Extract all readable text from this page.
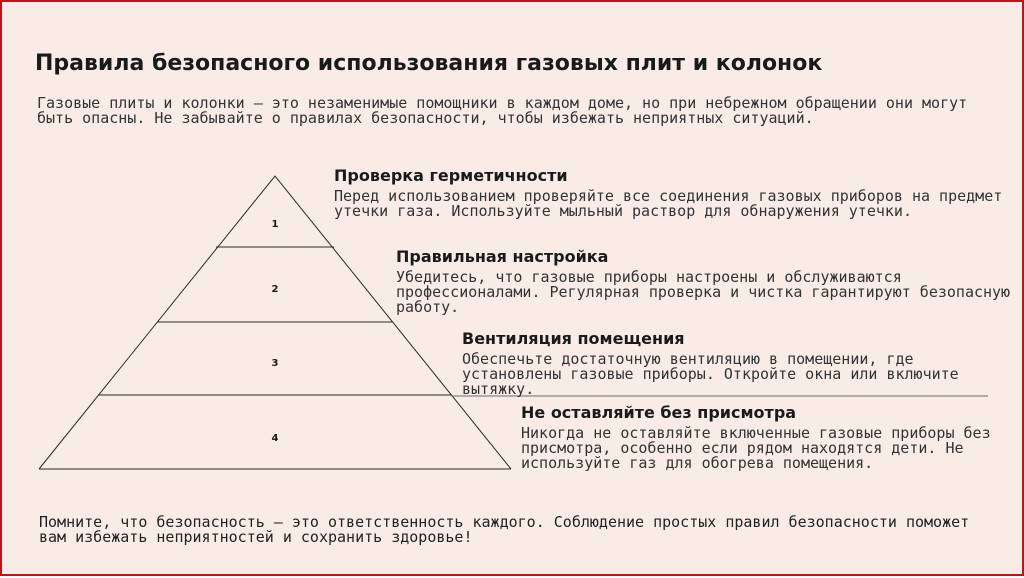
Правила безопасного использования газовых плит и колонок

Газовые плиты и колонки – это незаменимые помощники в каждом доме, но при небрежном обращении они могут быть опасны. Не забывайте о правилах безопасности, чтобы избежать неприятных ситуаций.

1
2
3
4
Проверка герметичности

Перед использованием проверяйте все соединения газовых приборов на предмет утечки газа. Используйте мыльный раствор для обнаружения утечки.

Правильная настройка

Убедитесь, что газовые приборы настроены и обслуживаются профессионалами. Регулярная проверка и чистка гарантируют безопасную работу.

Вентиляция помещения

Обеспечьте достаточную вентиляцию в помещении, где установлены газовые приборы. Откройте окна или включите вытяжку.

Не оставляйте без присмотра

Никогда не оставляйте включенные газовые приборы без присмотра, особенно если рядом находятся дети. Не используйте газ для обогрева помещения.

Помните, что безопасность – это ответственность каждого. Соблюдение простых правил безопасности поможет вам избежать неприятностей и сохранить здоровье!
